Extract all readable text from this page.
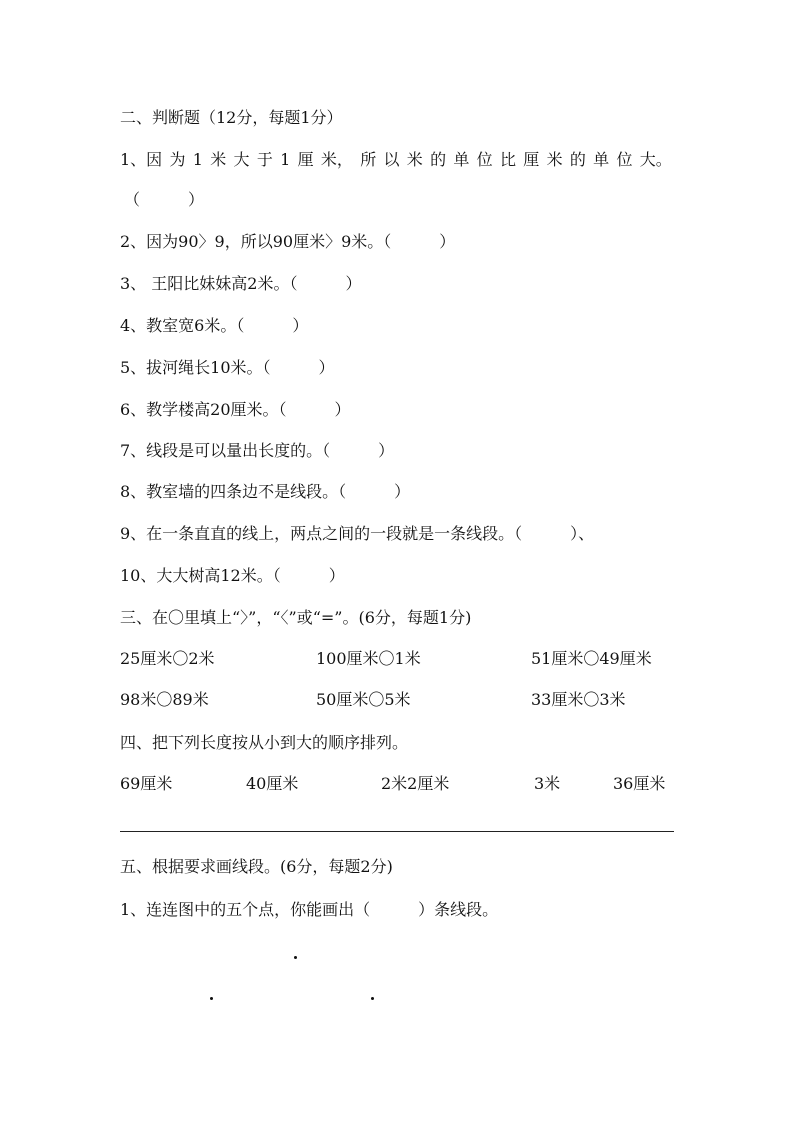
二、判断题（12分，每题1分）
1、因 为 1 米 大 于 1 厘 米， 所 以 米 的 单 位 比 厘 米 的 单 位 大。
（　　　）
2、因为90〉9，所以90厘米〉9米。（　　　）
3、 王阳比妹妹高2米。（　　　）
4、教室宽6米。（　　　）
5、拔河绳长10米。（　　　）
6、教学楼高20厘米。（　　　）
7、线段是可以量出长度的。（　　　）
8、教室墙的四条边不是线段。（　　　）
9、在一条直直的线上，两点之间的一段就是一条线段。（　　　）、
10、大大树高12米。（　　　）
三、在〇里填上“〉”，“〈”或“=”。(6分，每题1分)
25厘米〇2米	100厘米〇1米	51厘米〇49厘米
98米〇89米	50厘米〇5米	33厘米〇3米
四、把下列长度按从小到大的顺序排列。
69厘米	40厘米	2米2厘米	3米	36厘米
五、根据要求画线段。(6分，每题2分)
1、连连图中的五个点，你能画出（　　　）条线段。
